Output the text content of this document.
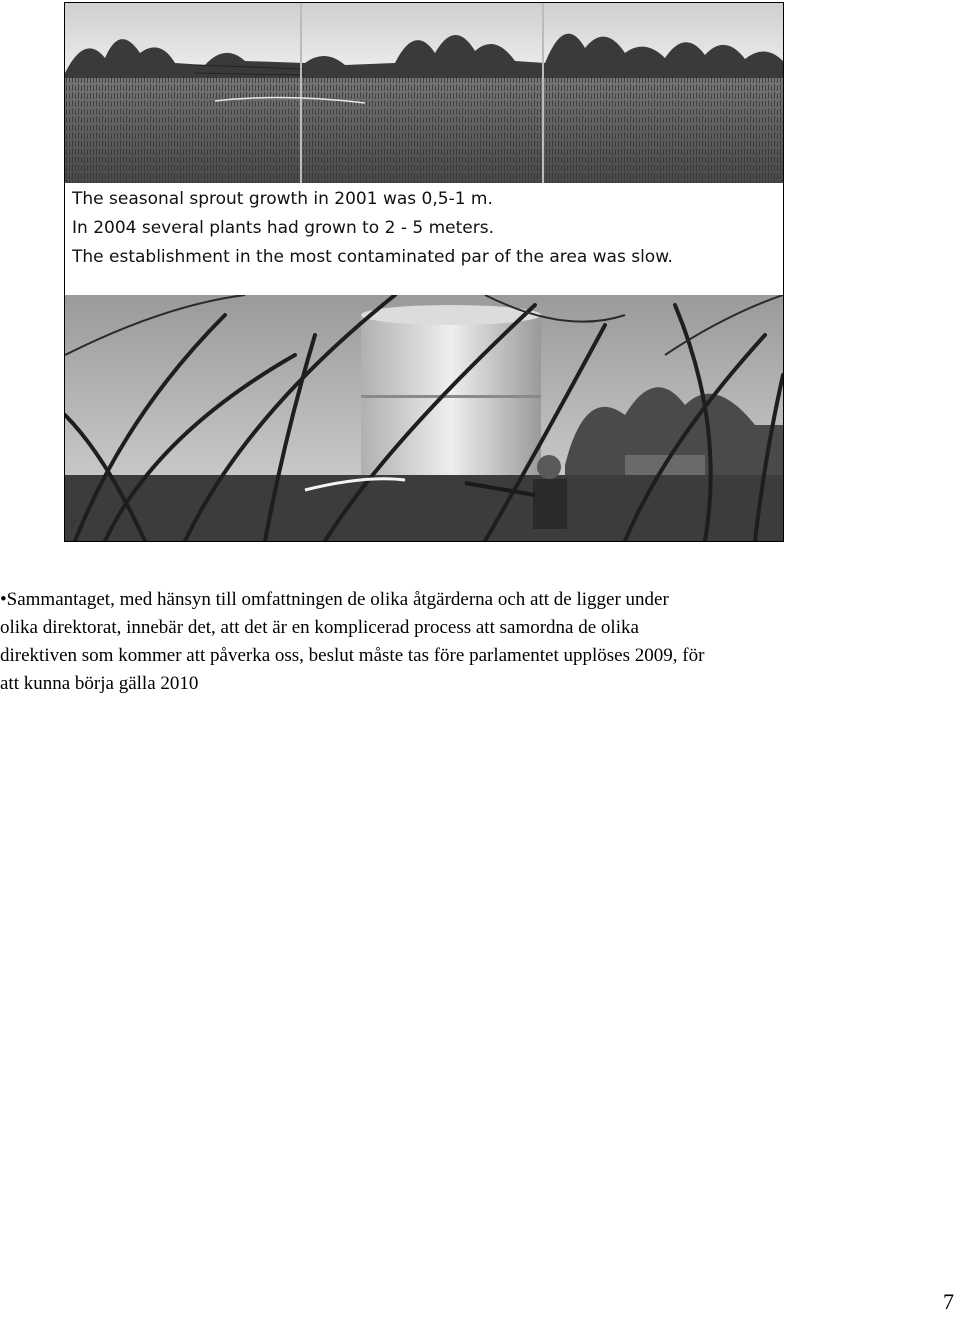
The seasonal sprout growth in 2001 was 0,5-1 m.
In 2004 several plants had grown to 2 - 5 meters.
The establishment in the most contaminated par of the area was slow.
7
•Sammantaget, med hänsyn till omfattningen de olika åtgärderna och att de ligger under
olika direktorat, innebär det, att det är en komplicerad process att samordna de olika
direktiven som kommer att påverka oss, beslut måste tas före parlamentet upplöses 2009, för
att kunna börja gälla 2010
7
